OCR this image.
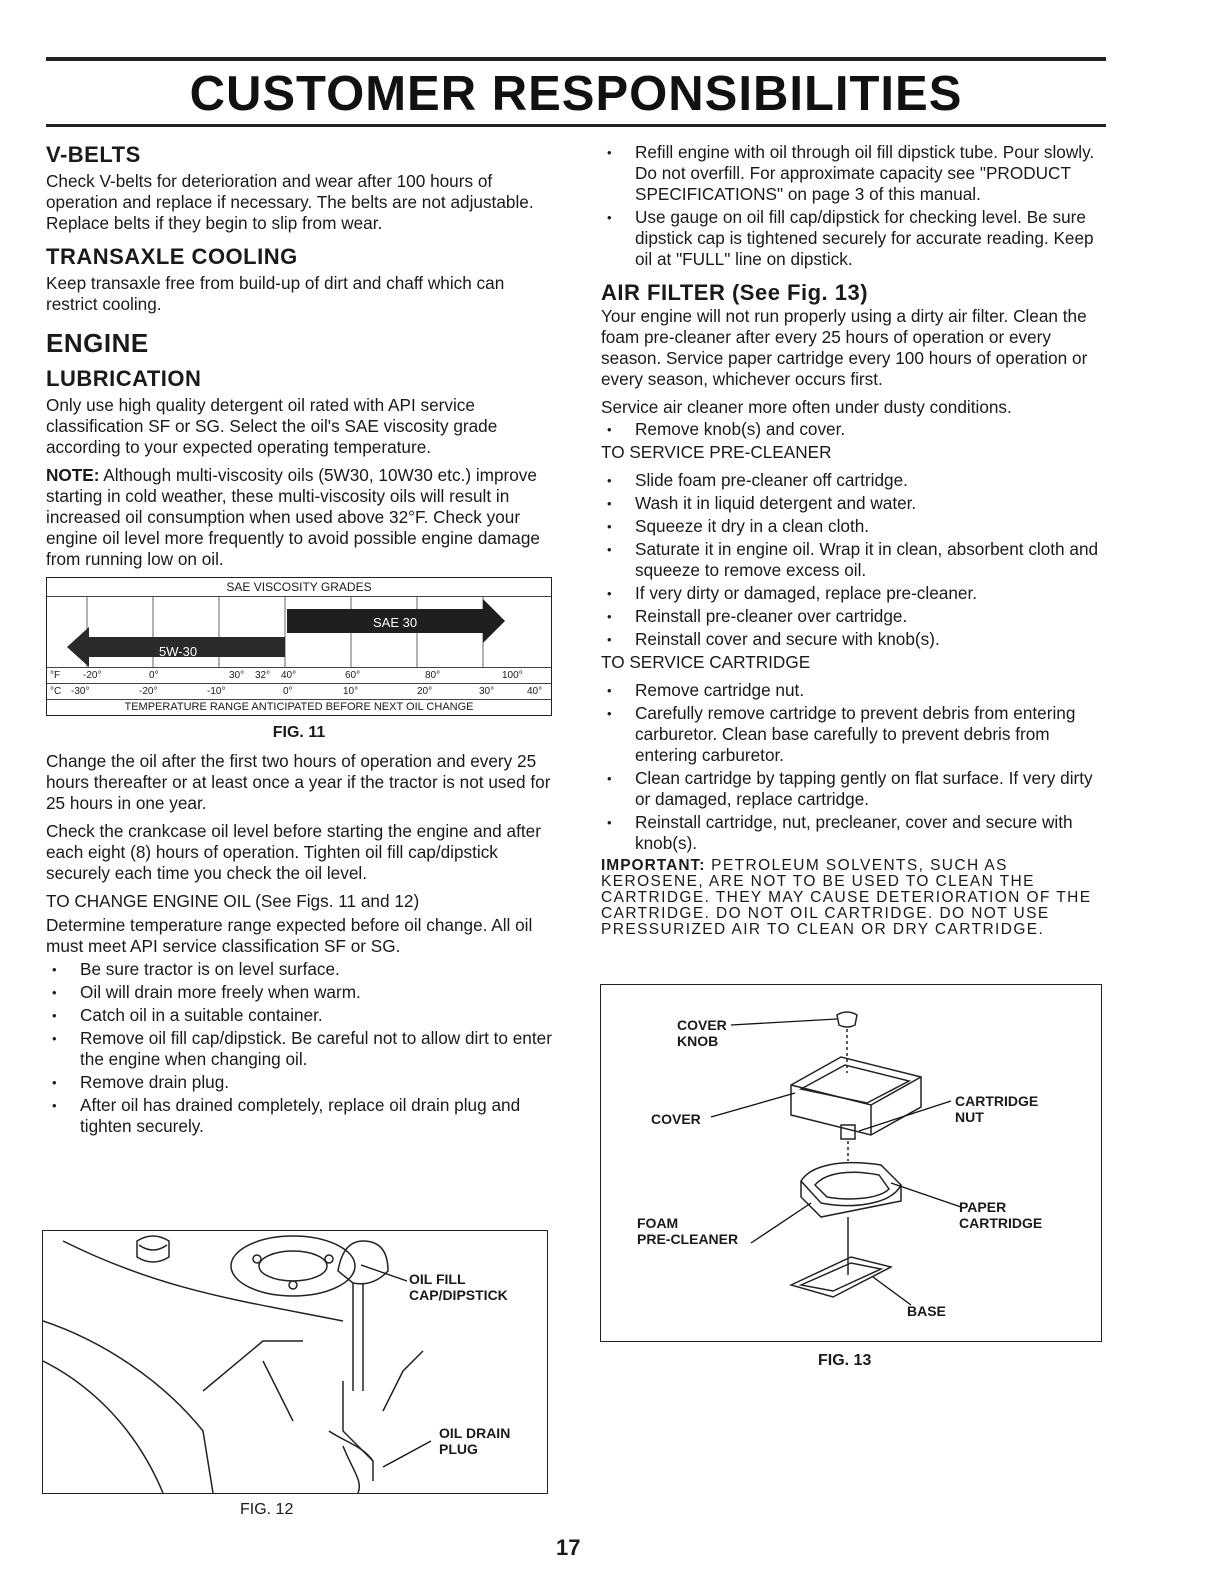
CUSTOMER RESPONSIBILITIES
V-BELTS

Check V-belts for deterioration and wear after 100 hours of operation and replace if necessary. The belts are not adjustable. Replace belts if they begin to slip from wear.

TRANSAXLE COOLING

Keep transaxle free from build-up of dirt and chaff which can restrict cooling.

ENGINE
LUBRICATION

Only use high quality detergent oil rated with API service classification SF or SG. Select the oil's SAE viscosity grade according to your expected operating temperature.

NOTE: Although multi-viscosity oils (5W30, 10W30 etc.) improve starting in cold weather, these multi-viscosity oils will result in increased oil consumption when used above 32°F. Check your engine oil level more frequently to avoid possible engine damage from running low on oil.

SAE VISCOSITY GRADES
SAE 30
5W-30
°F -20°	0°	30° 32° 40°	60°	80°	100°
°C -30°	-20°	-10°	0°	10°	20°	30°	40°
TEMPERATURE RANGE ANTICIPATED BEFORE NEXT OIL CHANGE
FIG. 11

Change the oil after the first two hours of operation and every 25 hours thereafter or at least once a year if the tractor is not used for 25 hours in one year.

Check the crankcase oil level before starting the engine and after each eight (8) hours of operation. Tighten oil fill cap/dipstick securely each time you check the oil level.

TO CHANGE ENGINE OIL (See Figs. 11 and 12)

Determine temperature range expected before oil change. All oil must meet API service classification SF or SG.

• Be sure tractor is on level surface.
• Oil will drain more freely when warm.
• Catch oil in a suitable container.
• Remove oil fill cap/dipstick. Be careful not to allow dirt to enter the engine when changing oil.
• Remove drain plug.
• After oil has drained completely, replace oil drain plug and tighten securely.
OIL FILL
CAP/DIPSTICK
OIL DRAIN
PLUG
FIG. 12
• Refill engine with oil through oil fill dipstick tube. Pour slowly. Do not overfill. For approximate capacity see "PRODUCT SPECIFICATIONS" on page 3 of this manual.
• Use gauge on oil fill cap/dipstick for checking level. Be sure dipstick cap is tightened securely for accurate reading. Keep oil at "FULL" line on dipstick.
AIR FILTER (See Fig. 13)

Your engine will not run properly using a dirty air filter. Clean the foam pre-cleaner after every 25 hours of operation or every season. Service paper cartridge every 100 hours of operation or every season, whichever occurs first.

Service air cleaner more often under dusty conditions.

• Remove knob(s) and cover.

TO SERVICE PRE-CLEANER

• Slide foam pre-cleaner off cartridge.
• Wash it in liquid detergent and water.
• Squeeze it dry in a clean cloth.
• Saturate it in engine oil. Wrap it in clean, absorbent cloth and squeeze to remove excess oil.
• If very dirty or damaged, replace pre-cleaner.
• Reinstall pre-cleaner over cartridge.
• Reinstall cover and secure with knob(s).

TO SERVICE CARTRIDGE

• Remove cartridge nut.
• Carefully remove cartridge to prevent debris from entering carburetor. Clean base carefully to prevent debris from entering carburetor.
• Clean cartridge by tapping gently on flat surface. If very dirty or damaged, replace cartridge.
• Reinstall cartridge, nut, precleaner, cover and secure with knob(s).

IMPORTANT: PETROLEUM SOLVENTS, SUCH AS KEROSENE, ARE NOT TO BE USED TO CLEAN THE CARTRIDGE. THEY MAY CAUSE DETERIORATION OF THE CARTRIDGE. DO NOT OIL CARTRIDGE. DO NOT USE PRESSURIZED AIR TO CLEAN OR DRY CARTRIDGE.

COVER
KNOB
COVER
CARTRIDGE
NUT
PAPER
CARTRIDGE
FOAM
PRE-CLEANER
BASE
FIG. 13
17
